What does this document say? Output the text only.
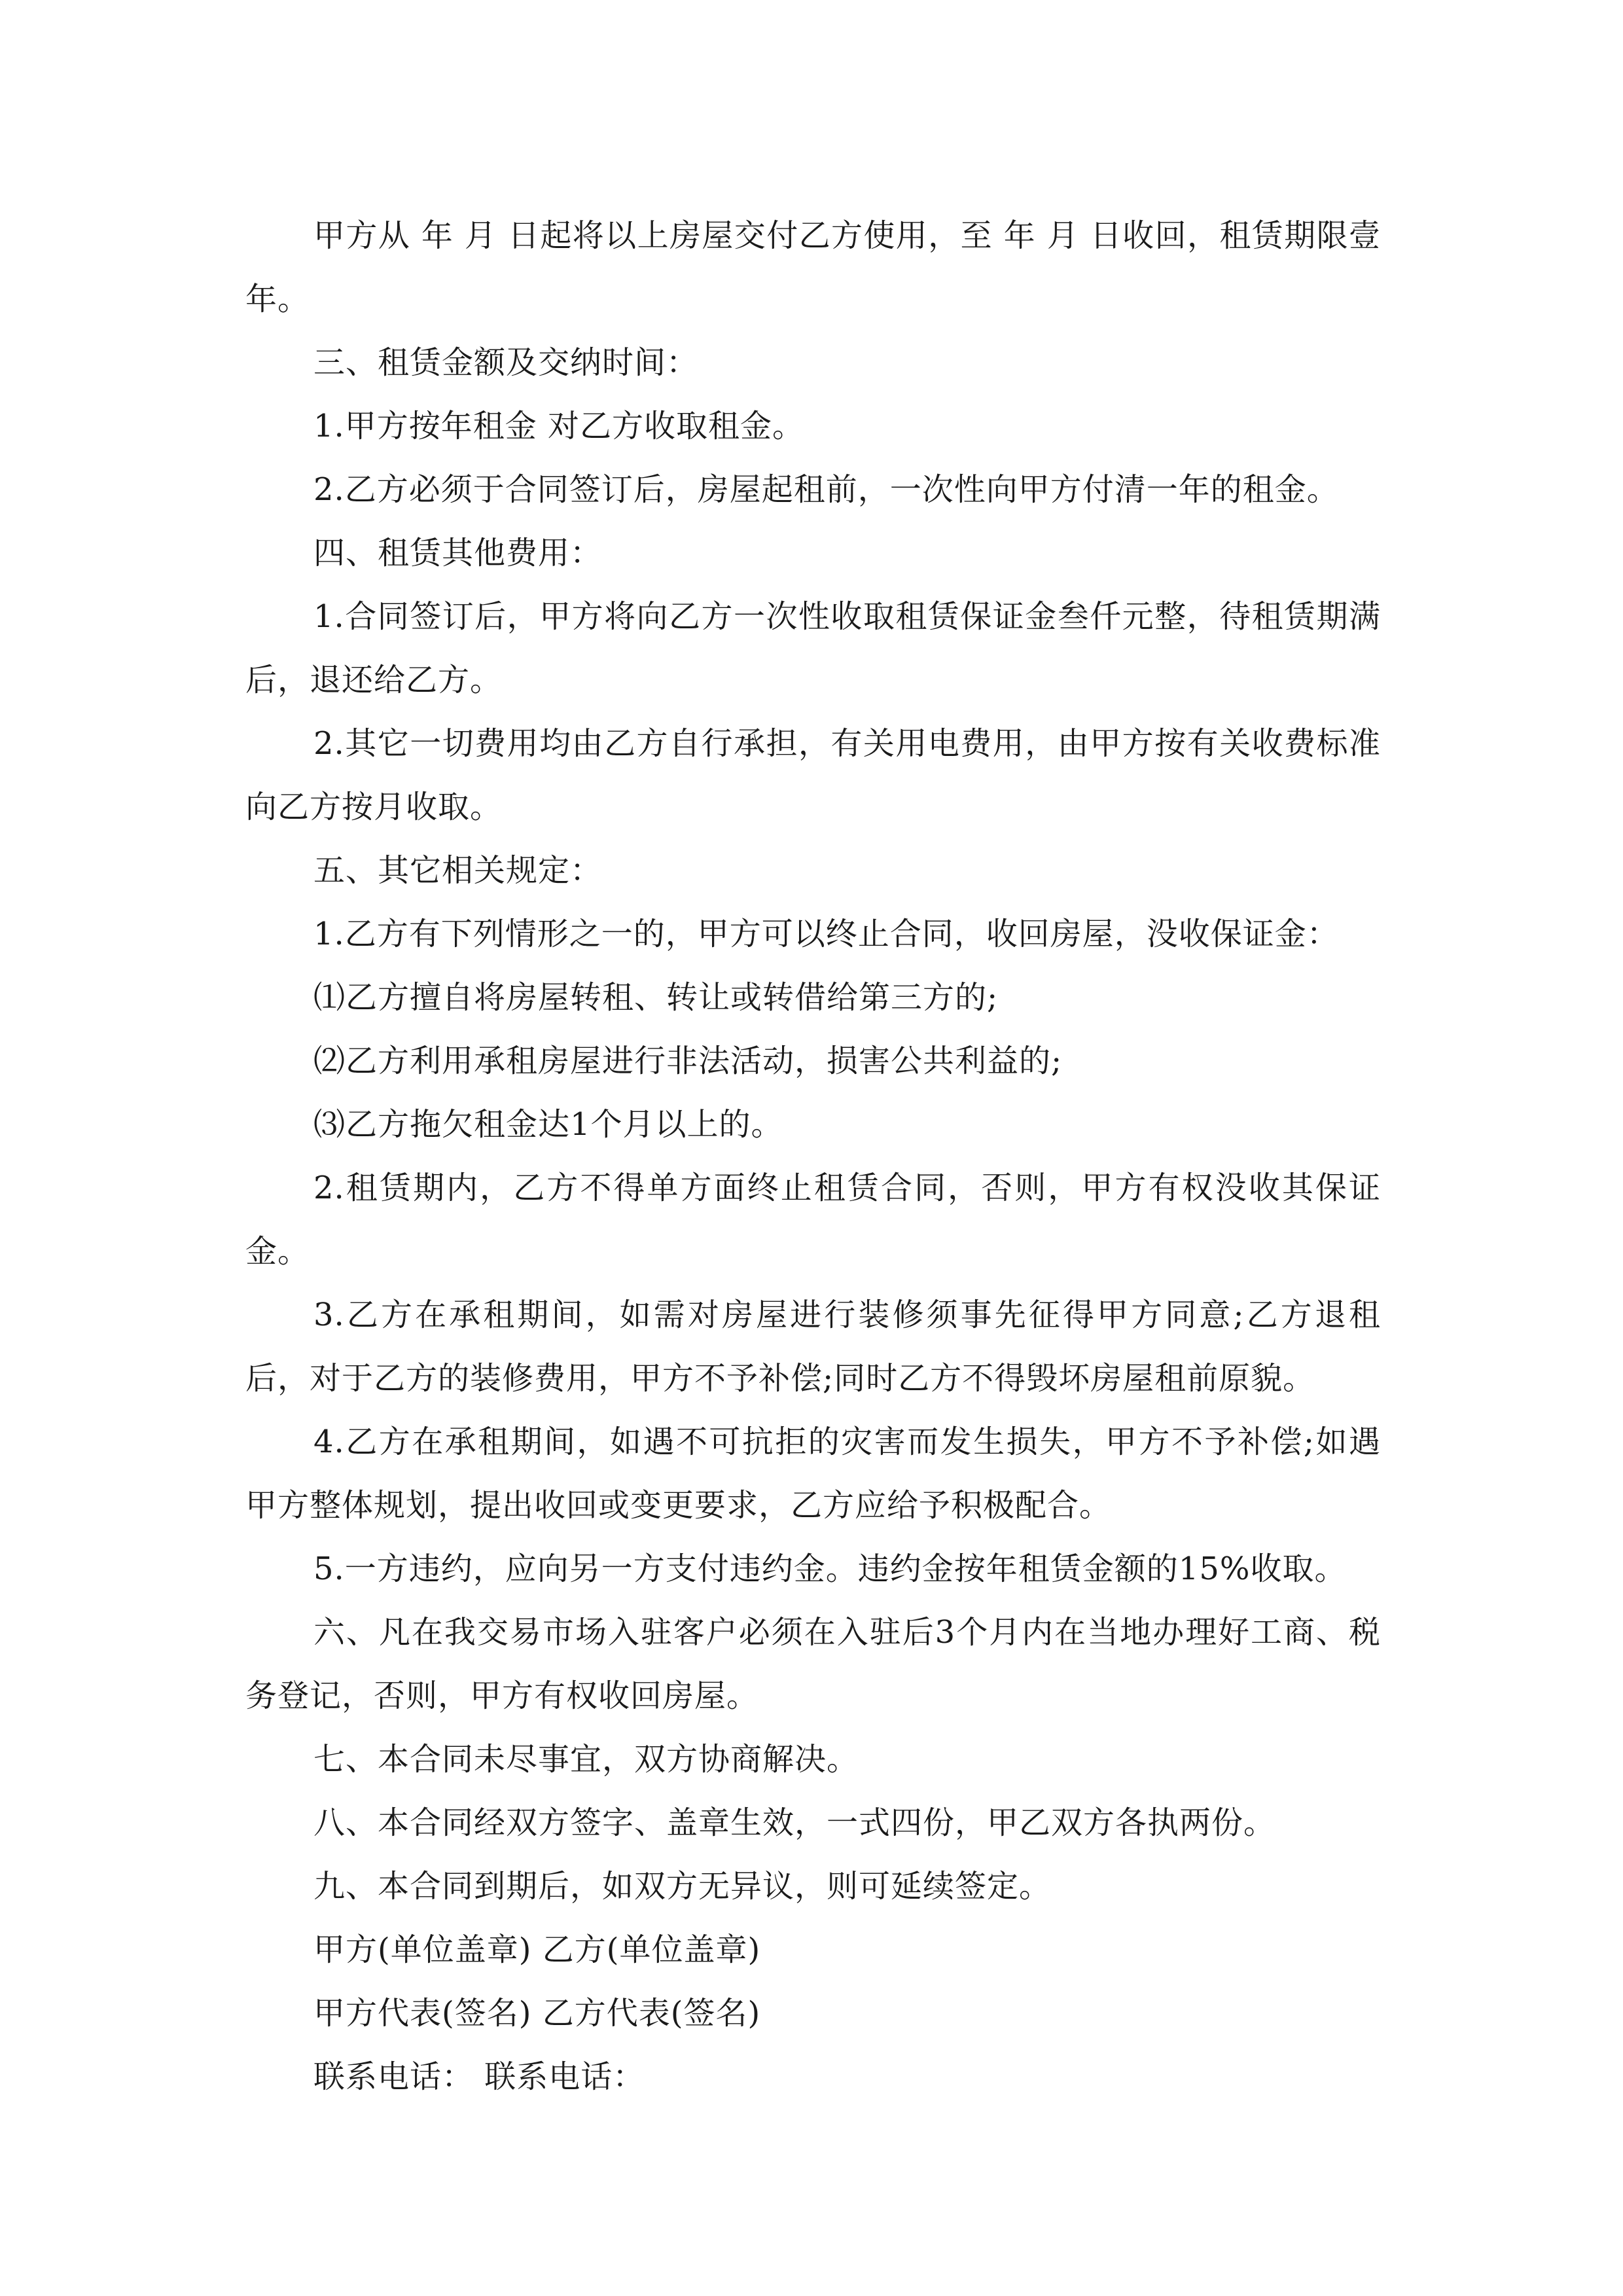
甲方从 年 月 日起将以上房屋交付乙方使用，至 年 月 日收回，租赁期限壹年。

三、租赁金额及交纳时间：

1.甲方按年租金 对乙方收取租金。

2.乙方必须于合同签订后，房屋起租前，一次性向甲方付清一年的租金。

四、租赁其他费用：

1.合同签订后，甲方将向乙方一次性收取租赁保证金叁仟元整，待租赁期满后，退还给乙方。

2.其它一切费用均由乙方自行承担，有关用电费用，由甲方按有关收费标准向乙方按月收取。

五、其它相关规定：

1.乙方有下列情形之一的，甲方可以终止合同，收回房屋，没收保证金：

⑴乙方擅自将房屋转租、转让或转借给第三方的;

⑵乙方利用承租房屋进行非法活动，损害公共利益的;

⑶乙方拖欠租金达1个月以上的。

2.租赁期内，乙方不得单方面终止租赁合同，否则，甲方有权没收其保证金。

3.乙方在承租期间，如需对房屋进行装修须事先征得甲方同意;乙方退租后，对于乙方的装修费用，甲方不予补偿;同时乙方不得毁坏房屋租前原貌。

4.乙方在承租期间，如遇不可抗拒的灾害而发生损失，甲方不予补偿;如遇甲方整体规划，提出收回或变更要求，乙方应给予积极配合。

5.一方违约，应向另一方支付违约金。违约金按年租赁金额的15%收取。

六、凡在我交易市场入驻客户必须在入驻后3个月内在当地办理好工商、税务登记，否则，甲方有权收回房屋。

七、本合同未尽事宜，双方协商解决。

八、本合同经双方签字、盖章生效，一式四份，甲乙双方各执两份。

九、本合同到期后，如双方无异议，则可延续签定。

甲方(单位盖章) 乙方(单位盖章)

甲方代表(签名) 乙方代表(签名)

联系电话： 联系电话：
